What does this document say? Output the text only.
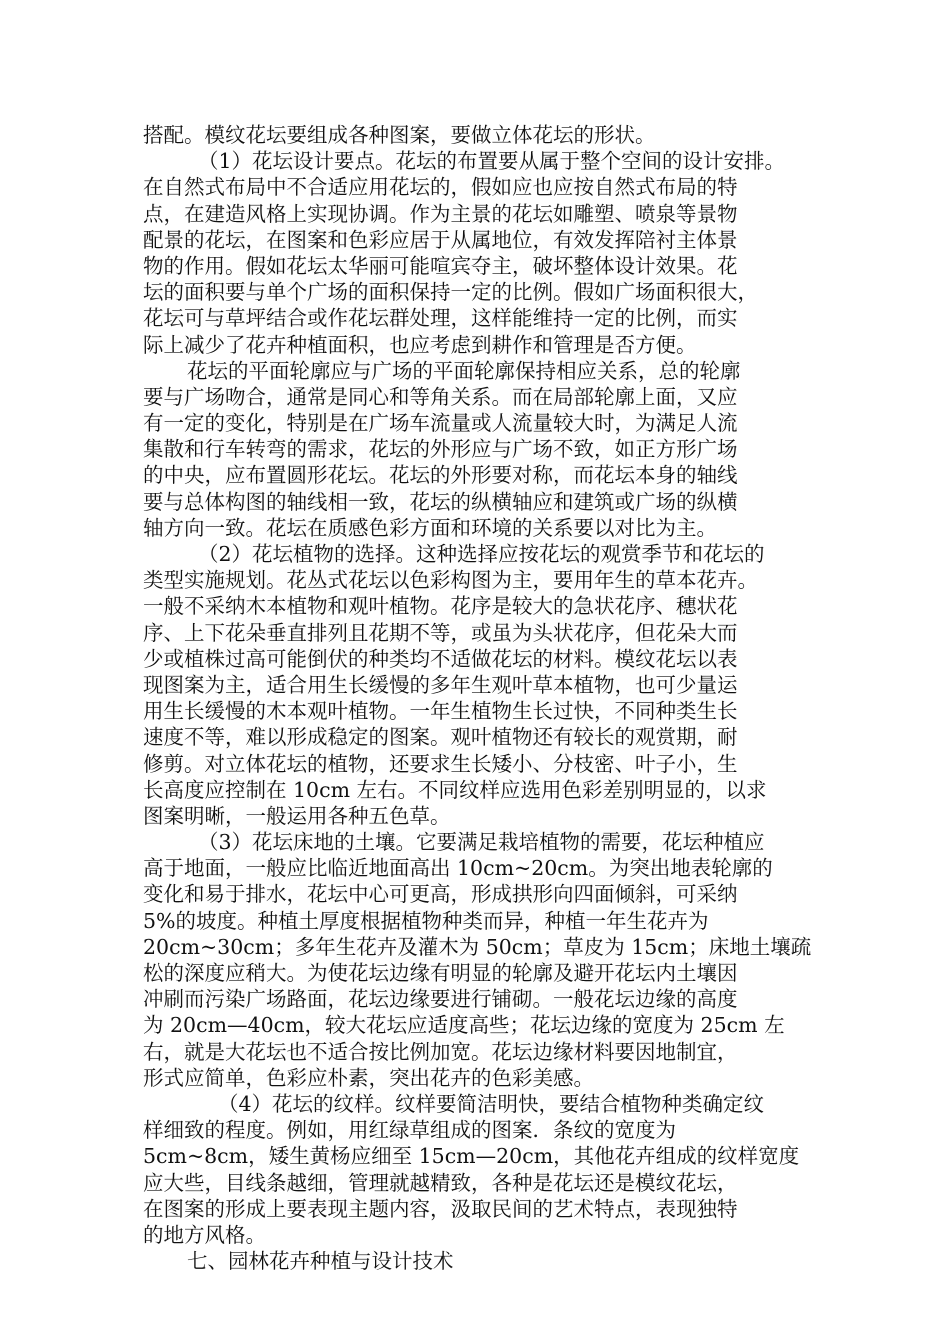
搭配。模纹花坛要组成各种图案，要做立体花坛的形状。
（1）花坛设计要点。花坛的布置要从属于整个空间的设计安排。
在自然式布局中不合适应用花坛的，假如应也应按自然式布局的特
点，在建造风格上实现协调。作为主景的花坛如雕塑、喷泉等景物
配景的花坛，在图案和色彩应居于从属地位，有效发挥陪衬主体景
物的作用。假如花坛太华丽可能喧宾夺主，破坏整体设计效果。花
坛的面积要与单个广场的面积保持一定的比例。假如广场面积很大，
花坛可与草坪结合或作花坛群处理，这样能维持一定的比例，而实
际上减少了花卉种植面积，也应考虑到耕作和管理是否方便。
花坛的平面轮廓应与广场的平面轮廓保持相应关系，总的轮廓
要与广场吻合，通常是同心和等角关系。而在局部轮廓上面，又应
有一定的变化，特别是在广场车流量或人流量较大时，为满足人流
集散和行车转弯的需求，花坛的外形应与广场不致，如正方形广场
的中央，应布置圆形花坛。花坛的外形要对称，而花坛本身的轴线
要与总体构图的轴线相一致，花坛的纵横轴应和建筑或广场的纵横
轴方向一致。花坛在质感色彩方面和环境的关系要以对比为主。
（2）花坛植物的选择。这种选择应按花坛的观赏季节和花坛的
类型实施规划。花丛式花坛以色彩构图为主，要用年生的草本花卉。
一般不采纳木本植物和观叶植物。花序是较大的急状花序、穗状花
序、上下花朵垂直排列且花期不等，或虽为头状花序，但花朵大而
少或植株过高可能倒伏的种类均不适做花坛的材料。模纹花坛以表
现图案为主，适合用生长缓慢的多年生观叶草本植物，也可少量运
用生长缓慢的木本观叶植物。一年生植物生长过快，不同种类生长
速度不等，难以形成稳定的图案。观叶植物还有较长的观赏期，耐
修剪。对立体花坛的植物，还要求生长矮小、分枝密、叶子小，生
长高度应控制在 10cm 左右。不同纹样应选用色彩差别明显的，以求
图案明晰，一般运用各种五色草。
（3）花坛床地的土壤。它要满足栽培植物的需要，花坛种植应
高于地面，一般应比临近地面高出 10cm~20cm。为突出地表轮廓的
变化和易于排水，花坛中心可更高，形成拱形向四面倾斜，可采纳
5%的坡度。种植土厚度根据植物种类而异，种植一年生花卉为
20cm~30cm；多年生花卉及灌木为 50cm；草皮为 15cm；床地土壤疏
松的深度应稍大。为使花坛边缘有明显的轮廓及避开花坛内土壤因
冲刷而污染广场路面，花坛边缘要进行铺砌。一般花坛边缘的高度
为 20cm—40cm，较大花坛应适度高些；花坛边缘的宽度为 25cm 左
右，就是大花坛也不适合按比例加宽。花坛边缘材料要因地制宜，
形式应简单，色彩应朴素，突出花卉的色彩美感。
（4）花坛的纹样。纹样要简洁明快，要结合植物种类确定纹
样细致的程度。例如，用红绿草组成的图案．条纹的宽度为
5cm~8cm，矮生黄杨应细至 15cm—20cm，其他花卉组成的纹样宽度
应大些，目线条越细，管理就越精致，各种是花坛还是模纹花坛，
在图案的形成上要表现主题内容，汲取民间的艺术特点，表现独特
的地方风格。
七、园林花卉种植与设计技术
